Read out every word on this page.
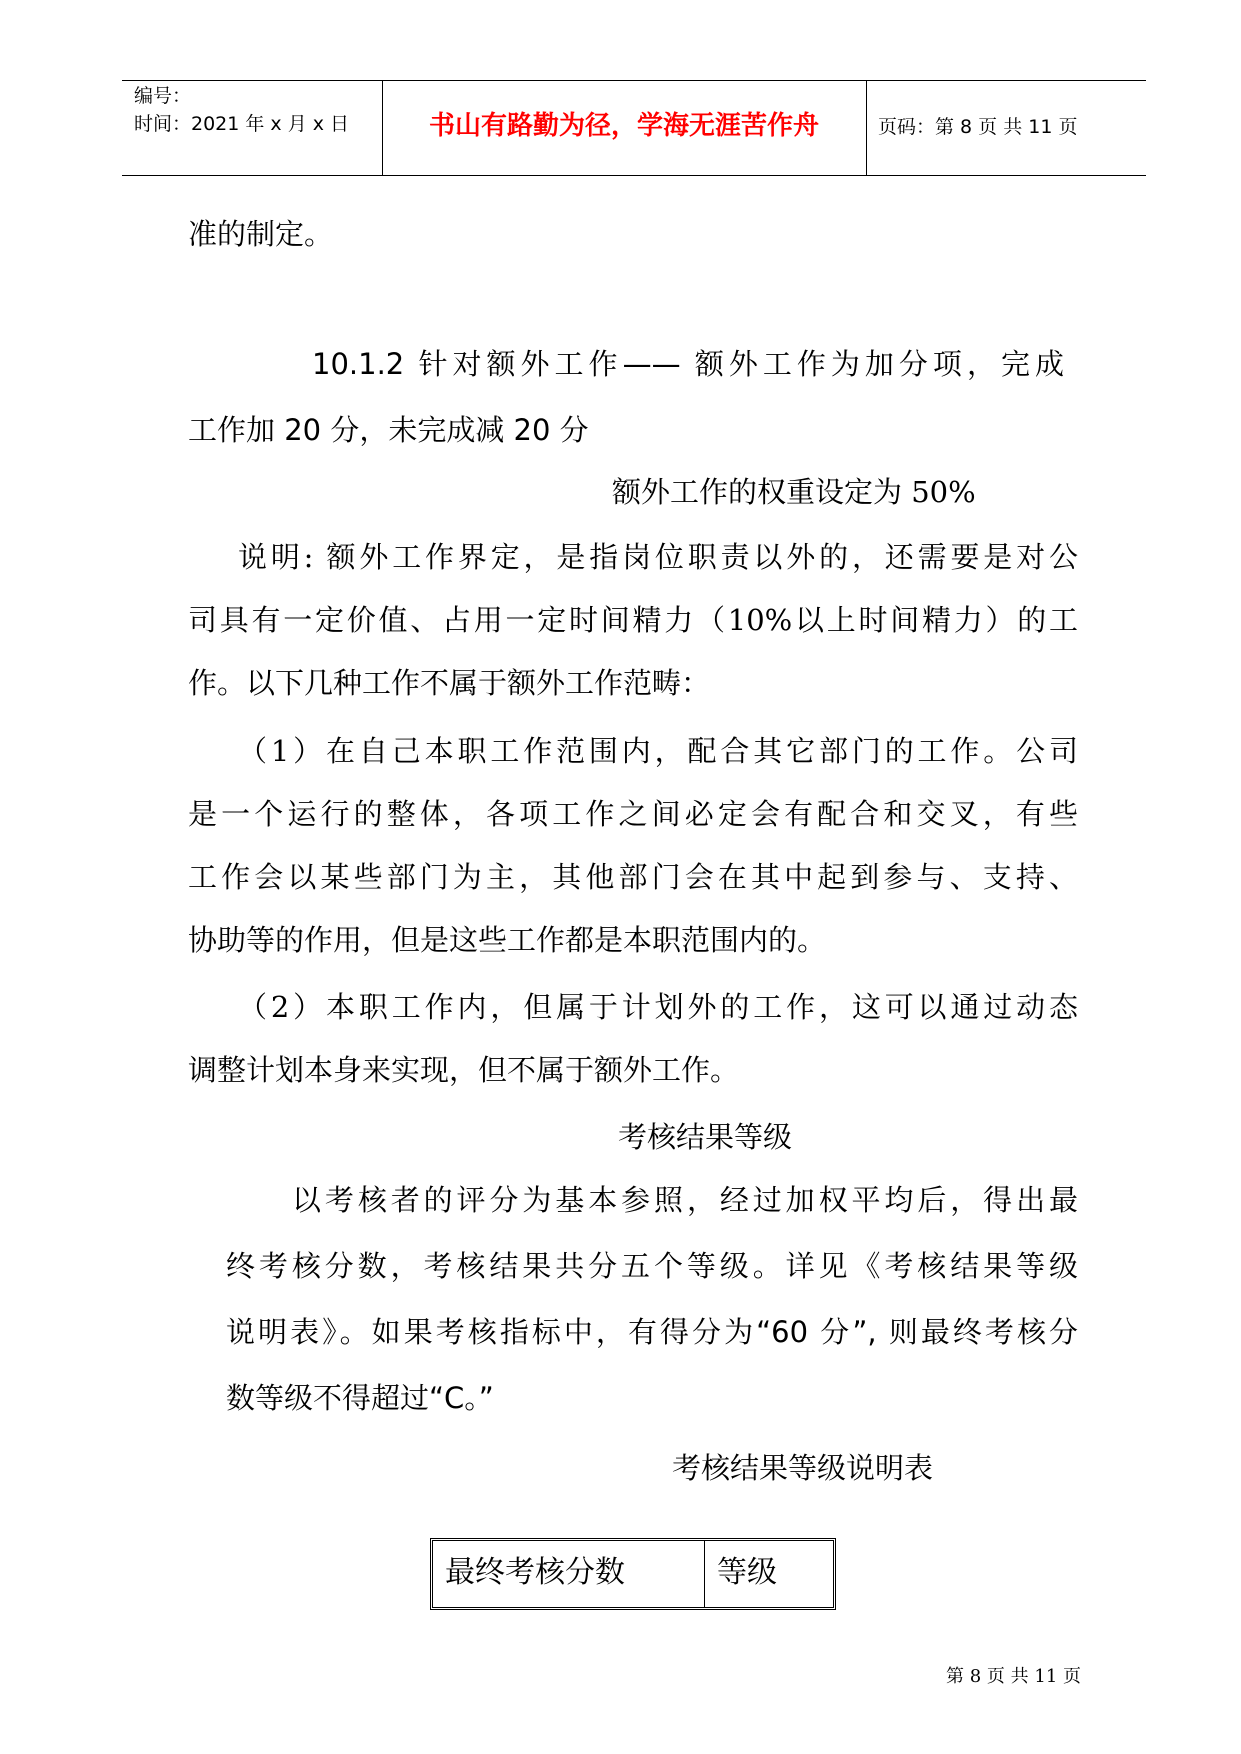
编号：
时间：2021 年 x 月 x 日	书山有路勤为径，学海无涯苦作舟	页码：第 8 页 共 11 页
准的制定。
10.1.2 针对额外工作—— 额外工作为加分项，完成
工作加 20 分，未完成减 20 分
额外工作的权重设定为 50%
说明: 额外工作界定，是指岗位职责以外的，还需要是对公
司具有一定价值、占用一定时间精力（10%以上时间精力）的工
作。以下几种工作不属于额外工作范畴：
（1）在自己本职工作范围内，配合其它部门的工作。公司
是一个运行的整体，各项工作之间必定会有配合和交叉，有些
工作会以某些部门为主，其他部门会在其中起到参与、支持、
协助等的作用，但是这些工作都是本职范围内的。
（2）本职工作内，但属于计划外的工作，这可以通过动态
调整计划本身来实现，但不属于额外工作。
考核结果等级
以考核者的评分为基本参照，经过加权平均后，得出最
终考核分数，考核结果共分五个等级。详见《考核结果等级
说明表》。如果考核指标中，有得分为“60 分”, 则最终考核分
数等级不得超过“C。”
考核结果等级说明表
最终考核分数	等级
第 8 页 共 11 页
